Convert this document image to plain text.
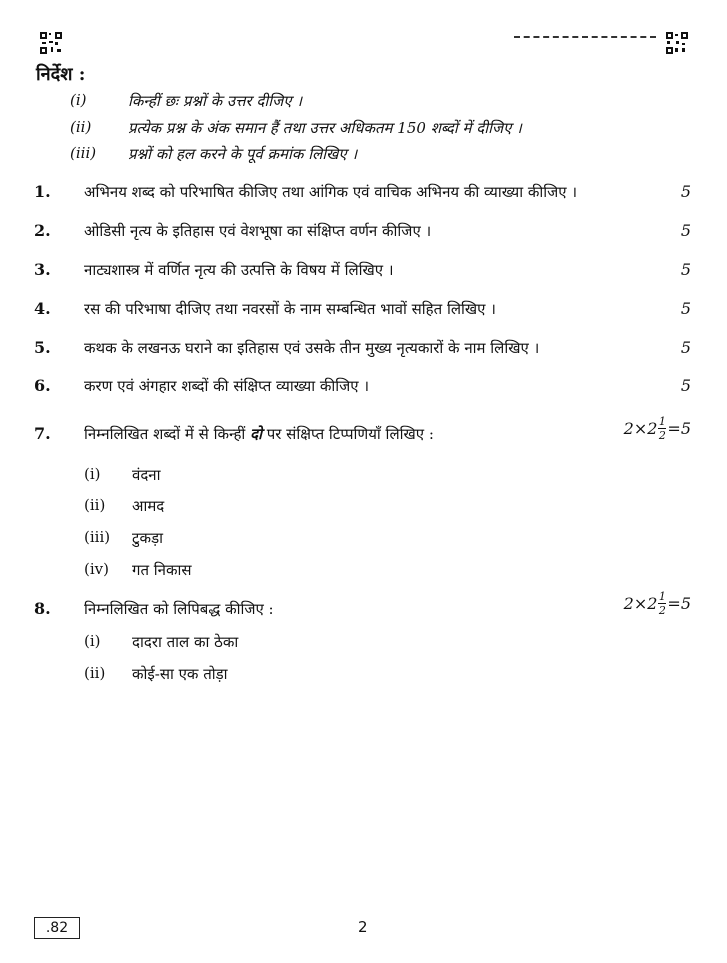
निर्देश :
(i)	किन्हीं छः प्रश्नों के उत्तर दीजिए ।
(ii)	प्रत्येक प्रश्न के अंक समान हैं तथा उत्तर अधिकतम 150 शब्दों में दीजिए ।
(iii)	प्रश्नों को हल करने के पूर्व क्रमांक लिखिए ।
1. अभिनय शब्द को परिभाषित कीजिए तथा आंगिक एवं वाचिक अभिनय की व्याख्या कीजिए ।	5
2. ओडिसी नृत्य के इतिहास एवं वेशभूषा का संक्षिप्त वर्णन कीजिए ।	5
3. नाट्यशास्त्र में वर्णित नृत्य की उत्पत्ति के विषय में लिखिए ।	5
4. रस की परिभाषा दीजिए तथा नवरसों के नाम सम्बन्धित भावों सहित लिखिए ।	5
5. कथक के लखनऊ घराने का इतिहास एवं उसके तीन मुख्य नृत्यकारों के नाम लिखिए ।	5
6. करण एवं अंगहार शब्दों की संक्षिप्त व्याख्या कीजिए ।	5
7. निम्नलिखित शब्दों में से किन्हीं दो पर संक्षिप्त टिप्पणियाँ लिखिए :	$2\times 2 \frac{1}{2} =5$
(i) वंदना
(ii) आमद
(iii) टुकड़ा
(iv) गत निकास
8. निम्नलिखित को लिपिबद्ध कीजिए :	$2\times 2 \frac{1}{2} =5$
(i) दादरा ताल का ठेका
(ii) कोई-सा एक तोड़ा
.82	2
